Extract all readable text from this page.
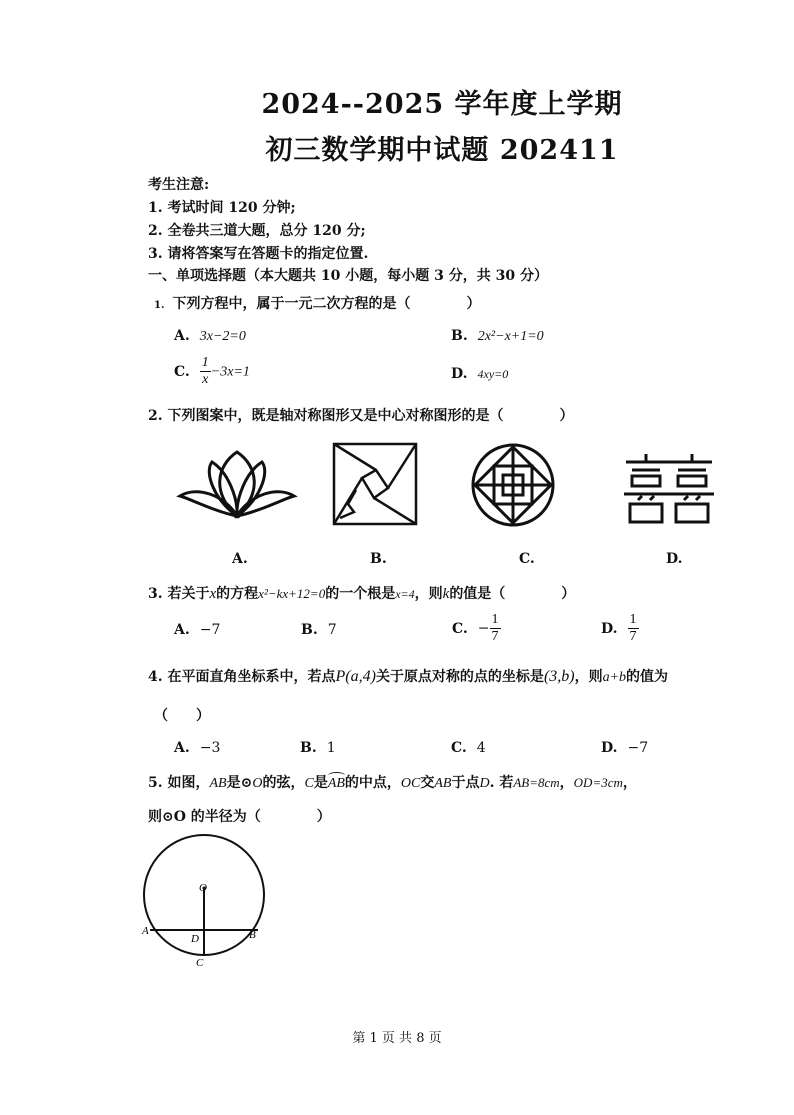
2024--2025 学年度上学期
初三数学期中试题 202411
考生注意:
1. 考试时间 120 分钟;
2. 全卷共三道大题，总分 120 分;
3. 请将答案写在答题卡的指定位置.
一、单项选择题（本大题共 10 小题，每小题 3 分，共 30 分）
1. 下列方程中，属于一元二次方程的是（　　　　）
A. 3x−2=0	B. 2x²−x+1=0
C. $\frac{1}{x} -3x=1$	D. 4xy=0
2. 下列图案中，既是轴对称图形又是中心对称图形的是（　　　　）
A.	B.	C.	D.
3. 若关于x的方程x²−kx+12=0的一个根是x=4，则k的值是（　　　　）
A. −7	B. 7	C. − $\frac{1}{7}$	D. $\frac{1}{7}$
4. 在平面直角坐标系中，若点P(a,4)关于原点对称的点的坐标是(3,b)，则a+b的值为
（　　）
A. −3	B. 1	C. 4	D. −7
5. 如图，AB是⊙O的弦，C是
AB的中点，OC交AB于点D. 若AB=8cm，OD=3cm，
则⊙O 的半径为（　　　　）
O
A	B
D
C
第 1 页 共 8 页
